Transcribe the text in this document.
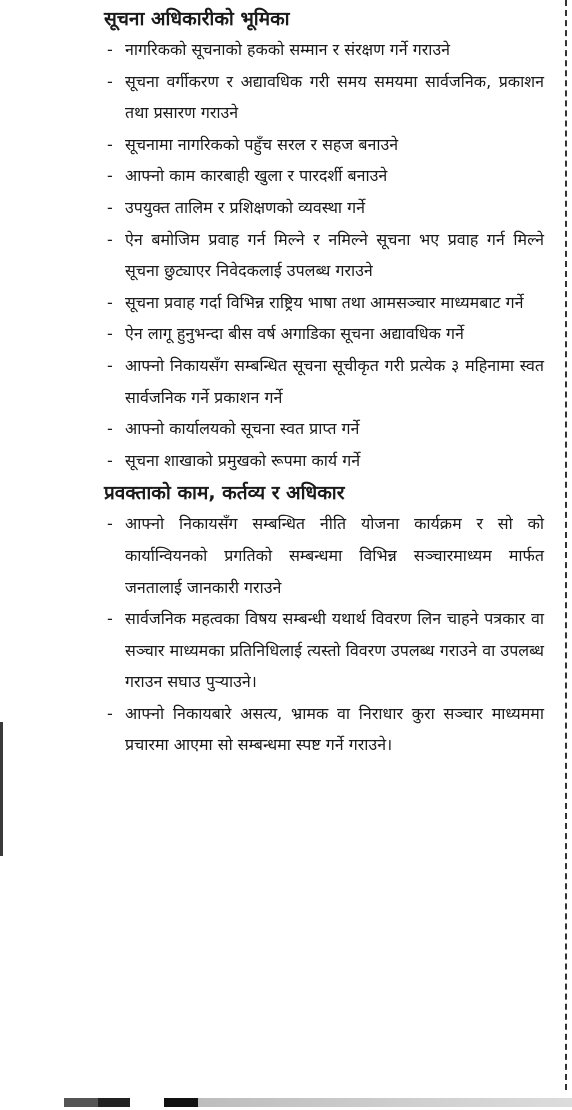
सूचना अधिकारीको भूमिका
- नागरिकको सूचनाको हकको सम्मान र संरक्षण गर्ने गराउने
- सूचना वर्गीकरण र अद्यावधिक गरी समय समयमा सार्वजनिक, प्रकाशन तथा प्रसारण गराउने
- सूचनामा नागरिकको पहुँच सरल र सहज बनाउने
- आफ्नो काम कारबाही खुला र पारदर्शी बनाउने
- उपयुक्त तालिम र प्रशिक्षणको व्यवस्था गर्ने
- ऐन बमोजिम प्रवाह गर्न मिल्ने र नमिल्ने सूचना भए प्रवाह गर्न मिल्ने सूचना छुट्याएर निवेदकलाई उपलब्ध गराउने
- सूचना प्रवाह गर्दा विभिन्न राष्ट्रिय भाषा तथा आमसञ्चार माध्यमबाट गर्ने
- ऐन लागू हुनुभन्दा बीस वर्ष अगाडिका सूचना अद्यावधिक गर्ने
- आफ्नो निकायसँग सम्बन्धित सूचना सूचीकृत गरी प्रत्येक ३ महिनामा स्वत सार्वजनिक गर्ने प्रकाशन गर्ने
- आफ्नो कार्यालयको सूचना स्वत प्राप्त गर्ने
- सूचना शाखाको प्रमुखको रूपमा कार्य गर्ने
प्रवक्ताको काम, कर्तव्य र अधिकार
- आफ्नो निकायसँग सम्बन्धित नीति योजना कार्यक्रम र सो को कार्यान्वियनको प्रगतिको सम्बन्धमा विभिन्न सञ्चारमाध्यम मार्फत जनतालाई जानकारी गराउने
- सार्वजनिक महत्वका विषय सम्बन्धी यथार्थ विवरण लिन चाहने पत्रकार वा सञ्चार माध्यमका प्रतिनिधिलाई त्यस्तो विवरण उपलब्ध गराउने वा उपलब्ध गराउन सघाउ पुऱ्याउने।
- आफ्नो निकायबारे असत्य, भ्रामक वा निराधार कुरा सञ्चार माध्यममा प्रचारमा आएमा सो सम्बन्धमा स्पष्ट गर्ने गराउने।
